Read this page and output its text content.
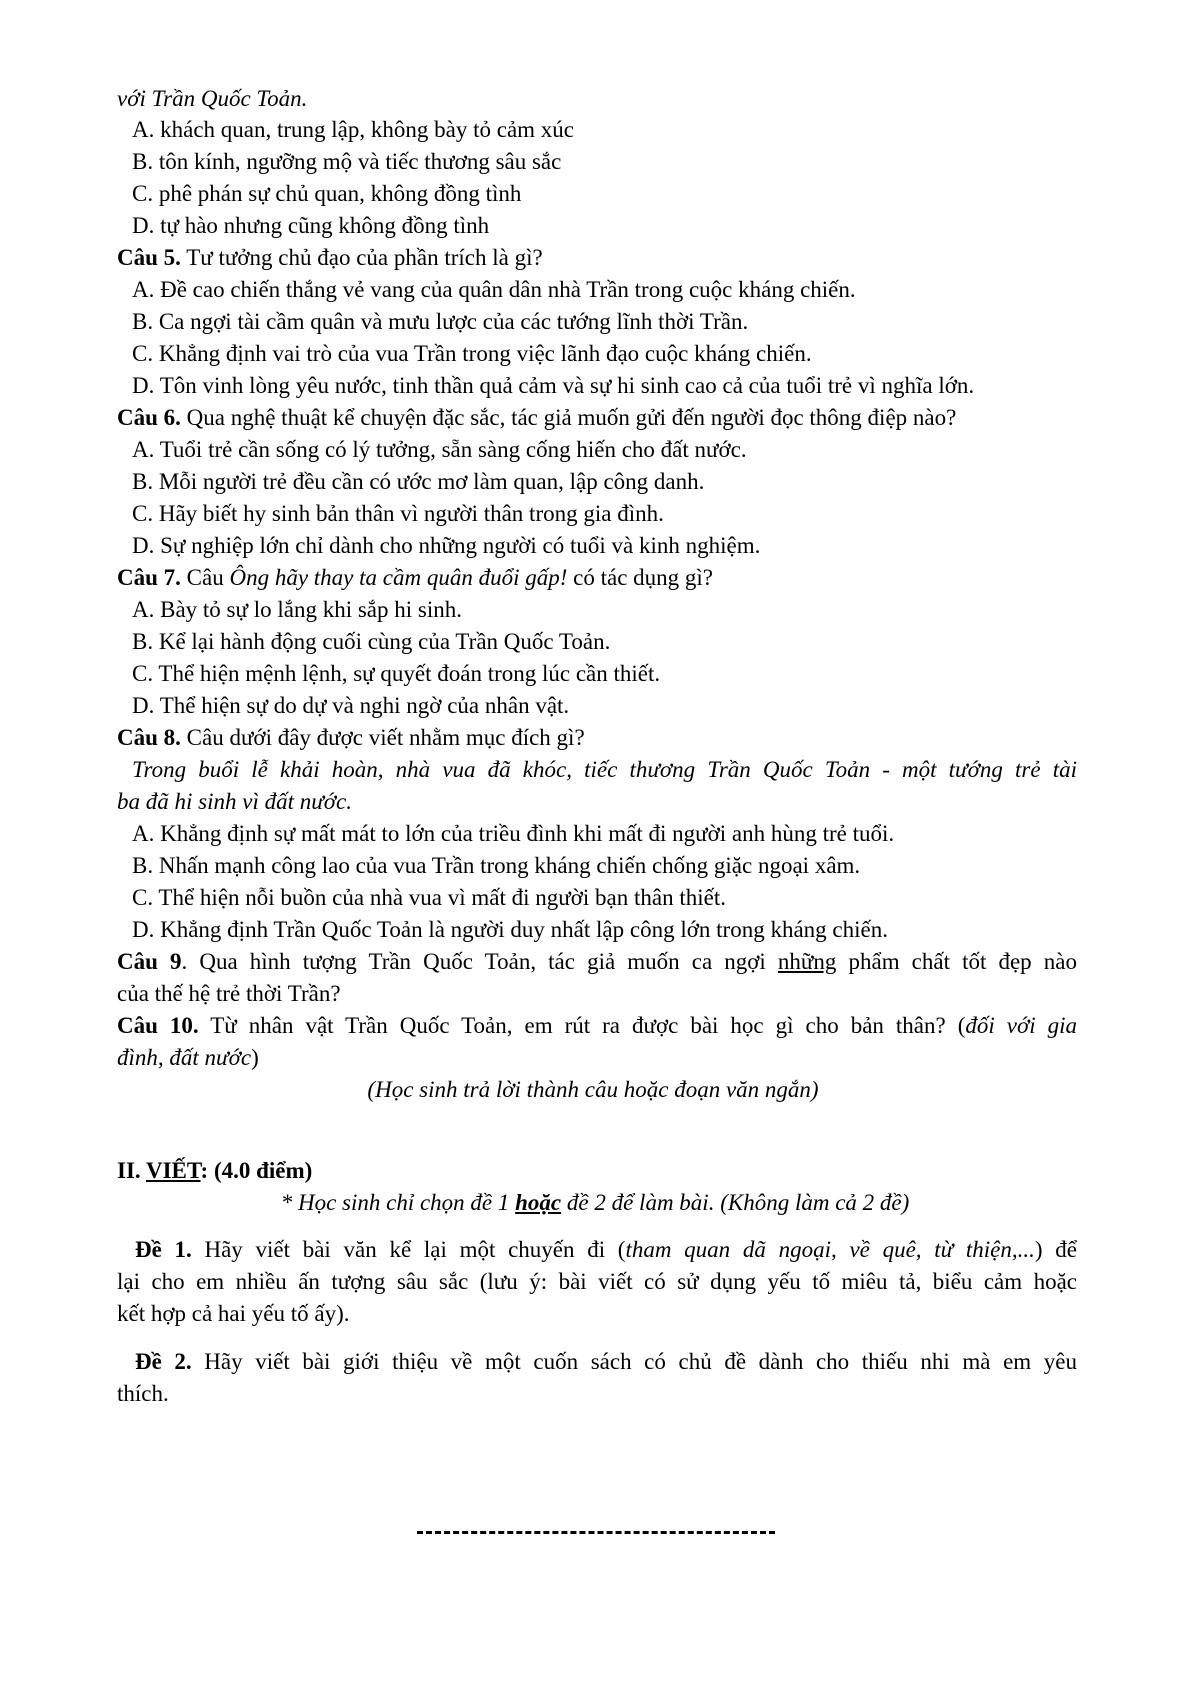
với Trần Quốc Toản.
A. khách quan, trung lập, không bày tỏ cảm xúc
B. tôn kính, ngưỡng mộ và tiếc thương sâu sắc
C. phê phán sự chủ quan, không đồng tình
D. tự hào nhưng cũng không đồng tình
Câu 5. Tư tưởng chủ đạo của phần trích là gì?
A. Đề cao chiến thắng vẻ vang của quân dân nhà Trần trong cuộc kháng chiến.
B. Ca ngợi tài cầm quân và mưu lược của các tướng lĩnh thời Trần.
C. Khẳng định vai trò của vua Trần trong việc lãnh đạo cuộc kháng chiến.
D. Tôn vinh lòng yêu nước, tinh thần quả cảm và sự hi sinh cao cả của tuổi trẻ vì nghĩa lớn.
Câu 6. Qua nghệ thuật kể chuyện đặc sắc, tác giả muốn gửi đến người đọc thông điệp nào?
A. Tuổi trẻ cần sống có lý tưởng, sẵn sàng cống hiến cho đất nước.
B. Mỗi người trẻ đều cần có ước mơ làm quan, lập công danh.
C. Hãy biết hy sinh bản thân vì người thân trong gia đình.
D. Sự nghiệp lớn chỉ dành cho những người có tuổi và kinh nghiệm.
Câu 7. Câu Ông hãy thay ta cầm quân đuổi gấp! có tác dụng gì?
A. Bày tỏ sự lo lắng khi sắp hi sinh.
B. Kể lại hành động cuối cùng của Trần Quốc Toản.
C. Thể hiện mệnh lệnh, sự quyết đoán trong lúc cần thiết.
D. Thể hiện sự do dự và nghi ngờ của nhân vật.
Câu 8. Câu dưới đây được viết nhằm mục đích gì?
Trong buổi lễ khải hoàn, nhà vua đã khóc, tiếc thương Trần Quốc Toản - một tướng trẻ tài
ba đã hi sinh vì đất nước.
A. Khẳng định sự mất mát to lớn của triều đình khi mất đi người anh hùng trẻ tuổi.
B. Nhấn mạnh công lao của vua Trần trong kháng chiến chống giặc ngoại xâm.
C. Thể hiện nỗi buồn của nhà vua vì mất đi người bạn thân thiết.
D. Khẳng định Trần Quốc Toản là người duy nhất lập công lớn trong kháng chiến.
Câu 9. Qua hình tượng Trần Quốc Toản, tác giả muốn ca ngợi những phẩm chất tốt đẹp nào
của thế hệ trẻ thời Trần?
Câu 10. Từ nhân vật Trần Quốc Toản, em rút ra được bài học gì cho bản thân? (đối với gia
đình, đất nước)
(Học sinh trả lời thành câu hoặc đoạn văn ngắn)
II. VIẾT: (4.0 điểm)
* Học sinh chỉ chọn đề 1 hoặc đề 2 để làm bài. (Không làm cả 2 đề)
Đề 1. Hãy viết bài văn kể lại một chuyến đi (tham quan dã ngoại, về quê, từ thiện,...) để
lại cho em nhiều ấn tượng sâu sắc (lưu ý: bài viết có sử dụng yếu tố miêu tả, biểu cảm hoặc
kết hợp cả hai yếu tố ấy).
Đề 2. Hãy viết bài giới thiệu về một cuốn sách có chủ đề dành cho thiếu nhi mà em yêu
thích.
